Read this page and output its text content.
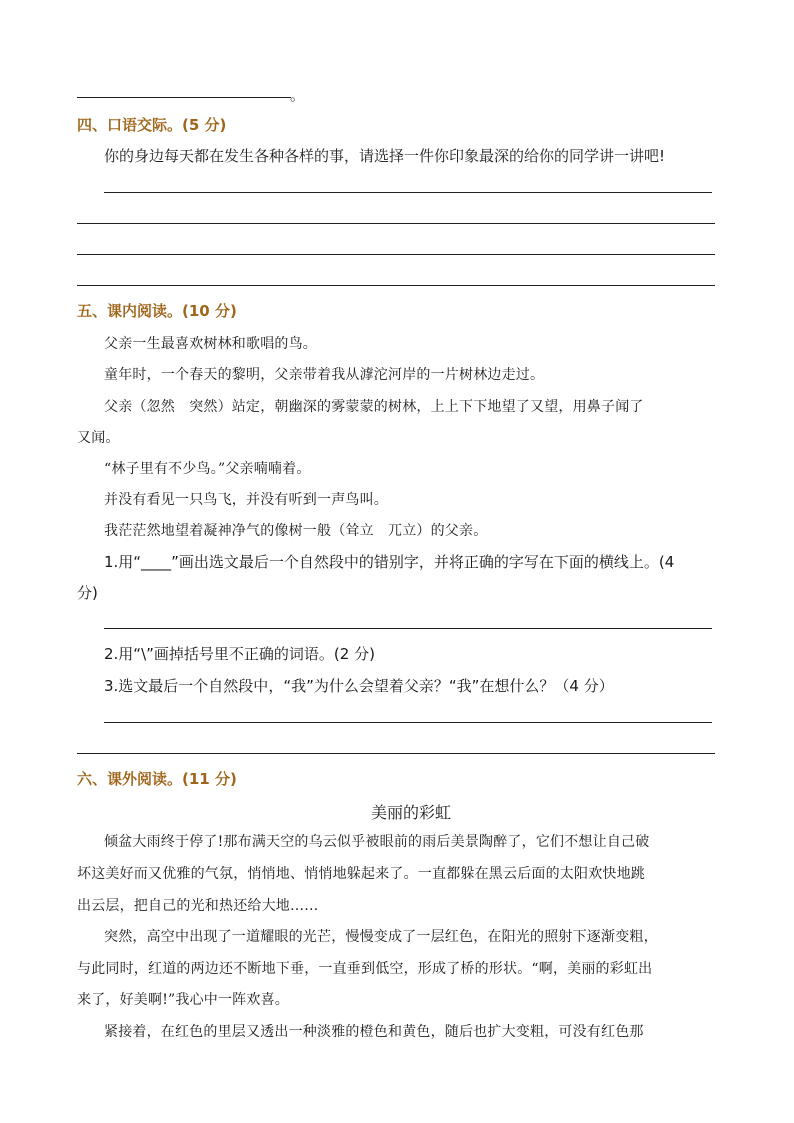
。
四、口语交际。(5 分)
你的身边每天都在发生各种各样的事，请选择一件你印象最深的给你的同学讲一讲吧!
五、课内阅读。(10 分)
父亲一生最喜欢树林和歌唱的鸟。
童年时，一个春天的黎明，父亲带着我从滹沱河岸的一片树林边走过。
父亲（忽然　突然）站定，朝幽深的雾蒙蒙的树林，上上下下地望了又望，用鼻子闻了
又闻。
“林子里有不少鸟。”父亲喃喃着。
并没有看见一只鸟飞，并没有听到一声鸟叫。
我茫茫然地望着凝神净气的像树一般（耸立　兀立）的父亲。
1.用“____”画出选文最后一个自然段中的错别字，并将正确的字写在下面的横线上。(4
分)
2.用“\”画掉括号里不正确的词语。(2 分)
3.选文最后一个自然段中，“我”为什么会望着父亲？“我”在想什么？（4 分）
六、课外阅读。(11 分)
美丽的彩虹
倾盆大雨终于停了!那布满天空的乌云似乎被眼前的雨后美景陶醉了，它们不想让自己破
坏这美好而又优雅的气氛，悄悄地、悄悄地躲起来了。一直都躲在黑云后面的太阳欢快地跳
出云层，把自己的光和热还给大地……
突然，高空中出现了一道耀眼的光芒，慢慢变成了一层红色，在阳光的照射下逐渐变粗，
与此同时，红道的两边还不断地下垂，一直垂到低空，形成了桥的形状。“啊，美丽的彩虹出
来了，好美啊!”我心中一阵欢喜。
紧接着，在红色的里层又透出一种淡雅的橙色和黄色，随后也扩大变粗，可没有红色那
